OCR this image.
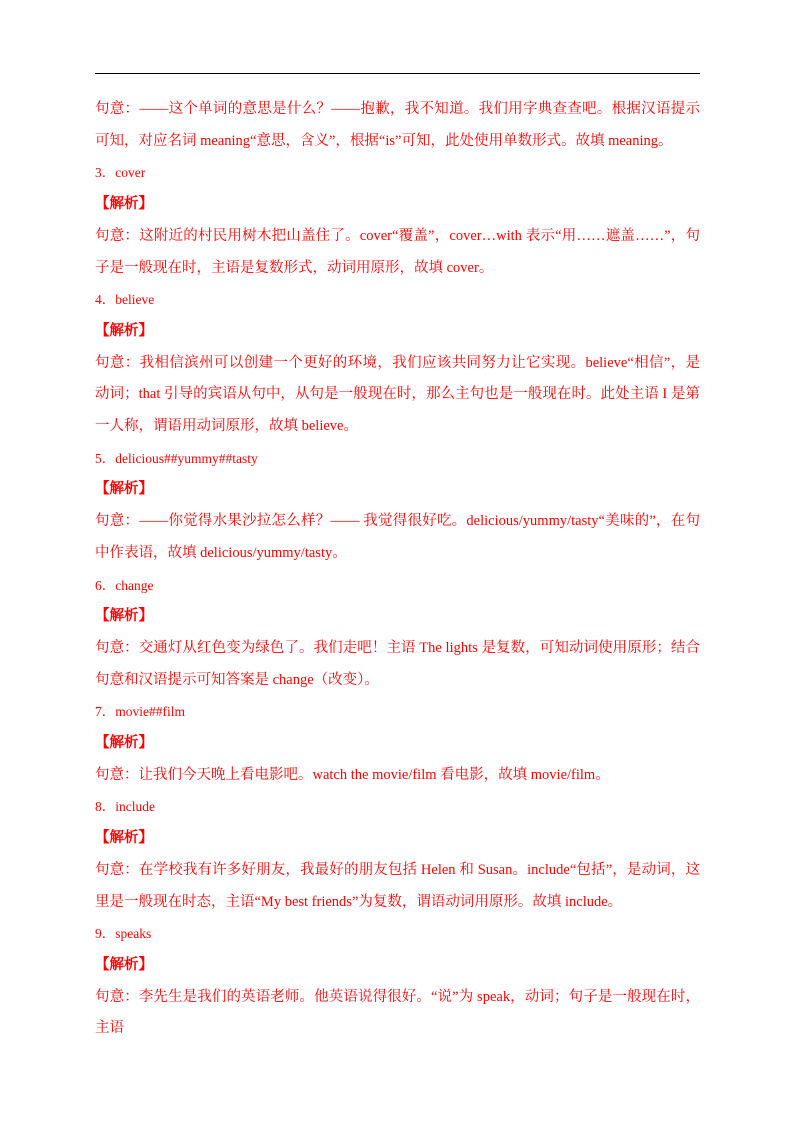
句意：——这个单词的意思是什么？——抱歉，我不知道。我们用字典查查吧。根据汉语提示可知，对应名词 meaning“意思，含义”，根据“is”可知，此处使用单数形式。故填 meaning。

3．cover

【解析】

句意：这附近的村民用树木把山盖住了。cover“覆盖”，cover…with 表示“用……遮盖……”，句子是一般现在时，主语是复数形式，动词用原形，故填 cover。

4．believe

【解析】

句意：我相信滨州可以创建一个更好的环境，我们应该共同努力让它实现。believe“相信”，是动词；that 引导的宾语从句中，从句是一般现在时，那么主句也是一般现在时。此处主语 I 是第一人称，谓语用动词原形，故填 believe。

5．delicious##yummy##tasty

【解析】

句意：——你觉得水果沙拉怎么样？—— 我觉得很好吃。delicious/yummy/tasty“美味的”，在句中作表语，故填 delicious/yummy/tasty。

6．change

【解析】

句意：交通灯从红色变为绿色了。我们走吧！主语 The lights 是复数，可知动词使用原形；结合句意和汉语提示可知答案是 change（改变）。

7．movie##film

【解析】

句意：让我们今天晚上看电影吧。watch the movie/film 看电影，故填 movie/film。

8．include

【解析】

句意：在学校我有许多好朋友，我最好的朋友包括 Helen 和 Susan。include“包括”，是动词，这里是一般现在时态，主语“My best friends”为复数，谓语动词用原形。故填 include。

9．speaks

【解析】

句意：李先生是我们的英语老师。他英语说得很好。“说”为 speak，动词；句子是一般现在时，主语
